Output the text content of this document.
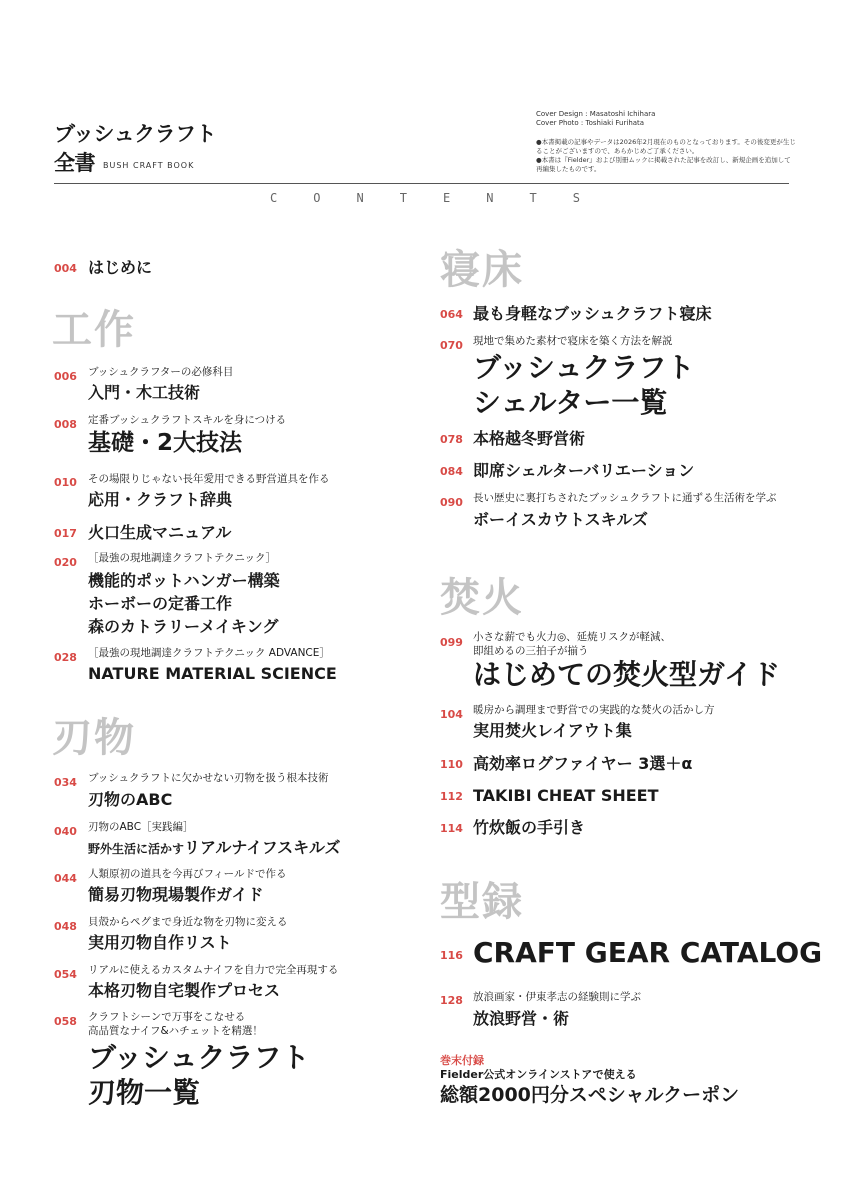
ブッシュクラフト
全書 $^{BUSH CRAFT BOOK}$
Cover Design : Masatoshi Ichihara
Cover Photo : Toshiaki Furihata
●本書掲載の記事やデータは2026年2月現在のものとなっております。その後変更が生じることがございますので、あらかじめご了承ください。
●本書は『Fielder』および別冊ムックに掲載された記事を改訂し、新規企画を追加して再編集したものです。
C	O	N	T	E	N	T	S
004 はじめに
工作
006 ブッシュクラフターの必修科目
入門・木工技術
008 定番ブッシュクラフトスキルを身につける
基礎・2大技法
010 その場限りじゃない長年愛用できる野営道具を作る
応用・クラフト辞典
017 火口生成マニュアル
020 ［最強の現地調達クラフトテクニック］
機能的ポットハンガー構築
ホーボーの定番工作
森のカトラリーメイキング
028 ［最強の現地調達クラフトテクニック ADVANCE］
NATURE MATERIAL SCIENCE
刃物
034 ブッシュクラフトに欠かせない刃物を扱う根本技術
刃物のABC
040 刃物のABC［実践編］
野外生活に活かすリアルナイフスキルズ
044 人類原初の道具を今再びフィールドで作る
簡易刃物現場製作ガイド
048 貝殻からペグまで身近な物を刃物に変える
実用刃物自作リスト
054 リアルに使えるカスタムナイフを自力で完全再現する
本格刃物自宅製作プロセス
058 クラフトシーンで万事をこなせる
高品質なナイフ&ハチェットを精選！
ブッシュクラフト
刃物一覧
寝床
064 最も身軽なブッシュクラフト寝床
070 現地で集めた素材で寝床を築く方法を解説
ブッシュクラフト
シェルター一覧
078 本格越冬野営術
084 即席シェルターバリエーション
090 長い歴史に裏打ちされたブッシュクラフトに通ずる生活術を学ぶ
ボーイスカウトスキルズ
焚火
099 小さな薪でも火力◎、延焼リスクが軽減、
即組めるの三拍子が揃う
はじめての焚火型ガイド
104 暖房から調理まで野営での実践的な焚火の活かし方
実用焚火レイアウト集
110 高効率ログファイヤー 3選＋α
112 TAKIBI CHEAT SHEET
114 竹炊飯の手引き
型録
116 CRAFT GEAR CATALOG
128 放浪画家・伊東孝志の経験則に学ぶ
放浪野営・術
巻末付録
Fielder公式オンラインストアで使える
総額2000円分スペシャルクーポン
